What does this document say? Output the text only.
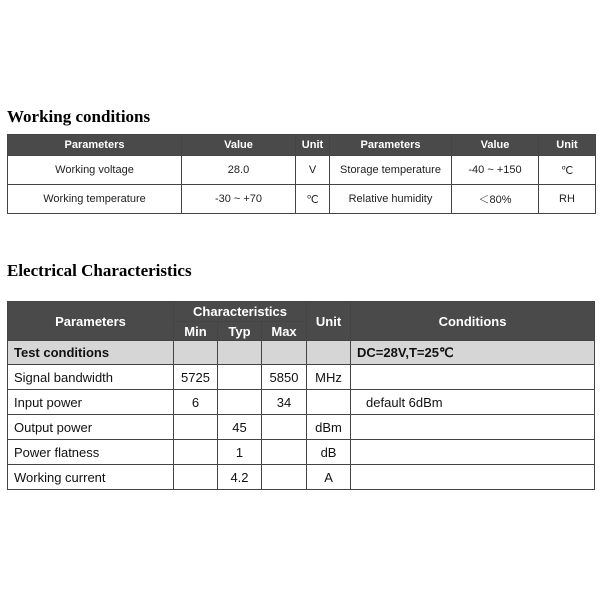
Working conditions
Parameters	Value	Unit	Parameters	Value	Unit
Working voltage	28.0	V	Storage temperature	-40 ~ +150	℃
Working temperature	-30 ~ +70	℃	Relative humidity	＜80%	RH
Electrical Characteristics
Parameters	Characteristics			Unit	Conditions
	Min	Typ	Max		
Test conditions					DC=28V,T=25℃
Signal bandwidth	5725		5850	MHz	
Input power	6		34		default 6dBm
Output power		45		dBm	
Power flatness		1		dB	
Working current		4.2		A	
